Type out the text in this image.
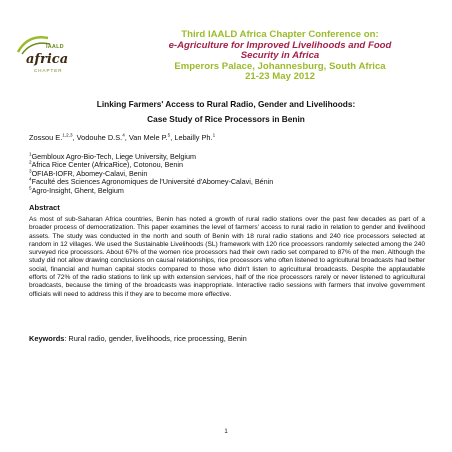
IAALD
africa
CHAPTER
Third IAALD Africa Chapter Conference on:
e-Agriculture for Improved Livelihoods and Food
Security in Africa
Emperors Palace, Johannesburg, South Africa
21-23 May 2012
Linking Farmers' Access to Rural Radio, Gender and Livelihoods:
Case Study of Rice Processors in Benin
Zossou E.$^{1,2,3}$, Vodouhe D.S.$^4$, Van Mele P.$^5$, Lebailly Ph.$^1$
$^1$Gembloux Agro-Bio-Tech, Liege University, Belgium
$^2$Africa Rice Center (AfricaRice), Cotonou, Benin
$^3$OFIAB-IOFR, Abomey-Calavi, Benin
$^4$Faculté des Sciences Agronomiques de l'Université d'Abomey-Calavi, Bénin
$^5$Agro-Insight, Ghent, Belgium
Abstract
As most of sub-Saharan Africa countries, Benin has noted a growth of rural radio stations over the past few decades as part of a broader process of democratization. This paper examines the level of farmers' access to rural radio in relation to gender and livelihood assets. The study was conducted in the north and south of Benin with 18 rural radio stations and 240 rice processors selected at random in 12 villages. We used the Sustainable Livelihoods (SL) framework with 120 rice processors randomly selected among the 240 surveyed rice processors. About 67% of the women rice processors had their own radio set compared to 87% of the men. Although the study did not allow drawing conclusions on causal relationships, rice processors who often listened to agricultural broadcasts had better social, financial and human capital stocks compared to those who didn't listen to agricultural broadcasts. Despite the applaudable efforts of 72% of the radio stations to link up with extension services, half of the rice processors rarely or never listened to agricultural broadcasts, because the timing of the broadcasts was inappropriate. Interactive radio sessions with farmers that involve government officials will need to address this if they are to become more effective.
Keywords: Rural radio, gender, livelihoods, rice processing, Benin
1
